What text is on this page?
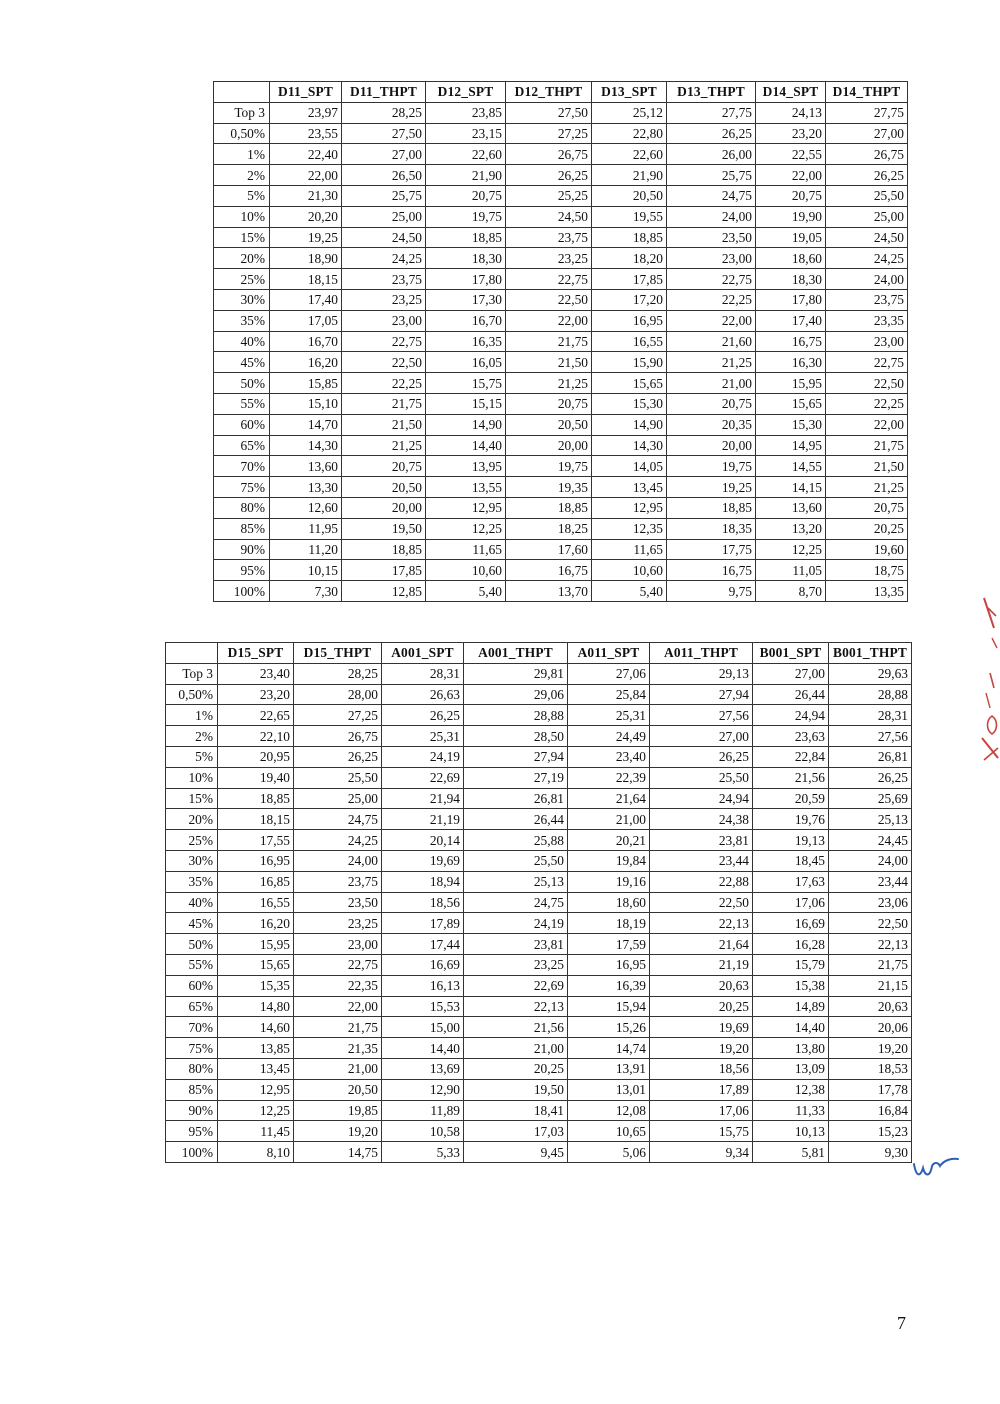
	D11_SPT	D11_THPT	D12_SPT	D12_THPT	D13_SPT	D13_THPT	D14_SPT	D14_THPT
Top 3	23,97	28,25	23,85	27,50	25,12	27,75	24,13	27,75
0,50%	23,55	27,50	23,15	27,25	22,80	26,25	23,20	27,00
1%	22,40	27,00	22,60	26,75	22,60	26,00	22,55	26,75
2%	22,00	26,50	21,90	26,25	21,90	25,75	22,00	26,25
5%	21,30	25,75	20,75	25,25	20,50	24,75	20,75	25,50
10%	20,20	25,00	19,75	24,50	19,55	24,00	19,90	25,00
15%	19,25	24,50	18,85	23,75	18,85	23,50	19,05	24,50
20%	18,90	24,25	18,30	23,25	18,20	23,00	18,60	24,25
25%	18,15	23,75	17,80	22,75	17,85	22,75	18,30	24,00
30%	17,40	23,25	17,30	22,50	17,20	22,25	17,80	23,75
35%	17,05	23,00	16,70	22,00	16,95	22,00	17,40	23,35
40%	16,70	22,75	16,35	21,75	16,55	21,60	16,75	23,00
45%	16,20	22,50	16,05	21,50	15,90	21,25	16,30	22,75
50%	15,85	22,25	15,75	21,25	15,65	21,00	15,95	22,50
55%	15,10	21,75	15,15	20,75	15,30	20,75	15,65	22,25
60%	14,70	21,50	14,90	20,50	14,90	20,35	15,30	22,00
65%	14,30	21,25	14,40	20,00	14,30	20,00	14,95	21,75
70%	13,60	20,75	13,95	19,75	14,05	19,75	14,55	21,50
75%	13,30	20,50	13,55	19,35	13,45	19,25	14,15	21,25
80%	12,60	20,00	12,95	18,85	12,95	18,85	13,60	20,75
85%	11,95	19,50	12,25	18,25	12,35	18,35	13,20	20,25
90%	11,20	18,85	11,65	17,60	11,65	17,75	12,25	19,60
95%	10,15	17,85	10,60	16,75	10,60	16,75	11,05	18,75
100%	7,30	12,85	5,40	13,70	5,40	9,75	8,70	13,35
	D15_SPT	D15_THPT	A001_SPT	A001_THPT	A011_SPT	A011_THPT	B001_SPT	B001_THPT
Top 3	23,40	28,25	28,31	29,81	27,06	29,13	27,00	29,63
0,50%	23,20	28,00	26,63	29,06	25,84	27,94	26,44	28,88
1%	22,65	27,25	26,25	28,88	25,31	27,56	24,94	28,31
2%	22,10	26,75	25,31	28,50	24,49	27,00	23,63	27,56
5%	20,95	26,25	24,19	27,94	23,40	26,25	22,84	26,81
10%	19,40	25,50	22,69	27,19	22,39	25,50	21,56	26,25
15%	18,85	25,00	21,94	26,81	21,64	24,94	20,59	25,69
20%	18,15	24,75	21,19	26,44	21,00	24,38	19,76	25,13
25%	17,55	24,25	20,14	25,88	20,21	23,81	19,13	24,45
30%	16,95	24,00	19,69	25,50	19,84	23,44	18,45	24,00
35%	16,85	23,75	18,94	25,13	19,16	22,88	17,63	23,44
40%	16,55	23,50	18,56	24,75	18,60	22,50	17,06	23,06
45%	16,20	23,25	17,89	24,19	18,19	22,13	16,69	22,50
50%	15,95	23,00	17,44	23,81	17,59	21,64	16,28	22,13
55%	15,65	22,75	16,69	23,25	16,95	21,19	15,79	21,75
60%	15,35	22,35	16,13	22,69	16,39	20,63	15,38	21,15
65%	14,80	22,00	15,53	22,13	15,94	20,25	14,89	20,63
70%	14,60	21,75	15,00	21,56	15,26	19,69	14,40	20,06
75%	13,85	21,35	14,40	21,00	14,74	19,20	13,80	19,20
80%	13,45	21,00	13,69	20,25	13,91	18,56	13,09	18,53
85%	12,95	20,50	12,90	19,50	13,01	17,89	12,38	17,78
90%	12,25	19,85	11,89	18,41	12,08	17,06	11,33	16,84
95%	11,45	19,20	10,58	17,03	10,65	15,75	10,13	15,23
100%	8,10	14,75	5,33	9,45	5,06	9,34	5,81	9,30
7
